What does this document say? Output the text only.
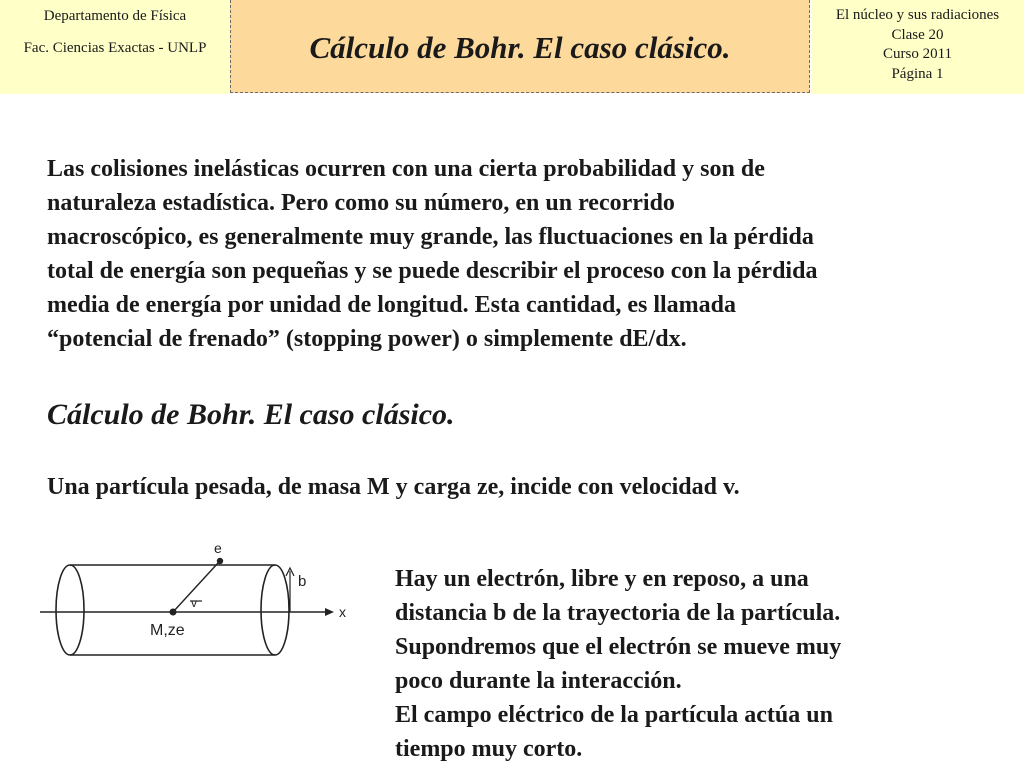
Departamento de Física
Fac. Ciencias Exactas - UNLP	Cálculo de Bohr. El caso clásico.
El núcleo y sus radiaciones
Clase 20
Curso 2011
Página 1
Las colisiones inelásticas ocurren con una cierta probabilidad y son de
naturaleza estadística. Pero como su número, en un recorrido
macroscópico, es generalmente muy grande, las fluctuaciones en la pérdida
total de energía son pequeñas y se puede describir el proceso con la pérdida
media de energía por unidad de longitud. Esta cantidad, es llamada
“potencial de frenado” (stopping power) o simplemente dE/dx.
Cálculo de Bohr. El caso clásico.
Una partícula pesada, de masa M y carga ze, incide con velocidad v.
x
M,ze
e
v
b	Hay un electrón, libre y en reposo, a una
distancia b de la trayectoria de la partícula.
Supondremos que el electrón se mueve muy
poco durante la interacción.
El campo eléctrico de la partícula actúa un
tiempo muy corto.
